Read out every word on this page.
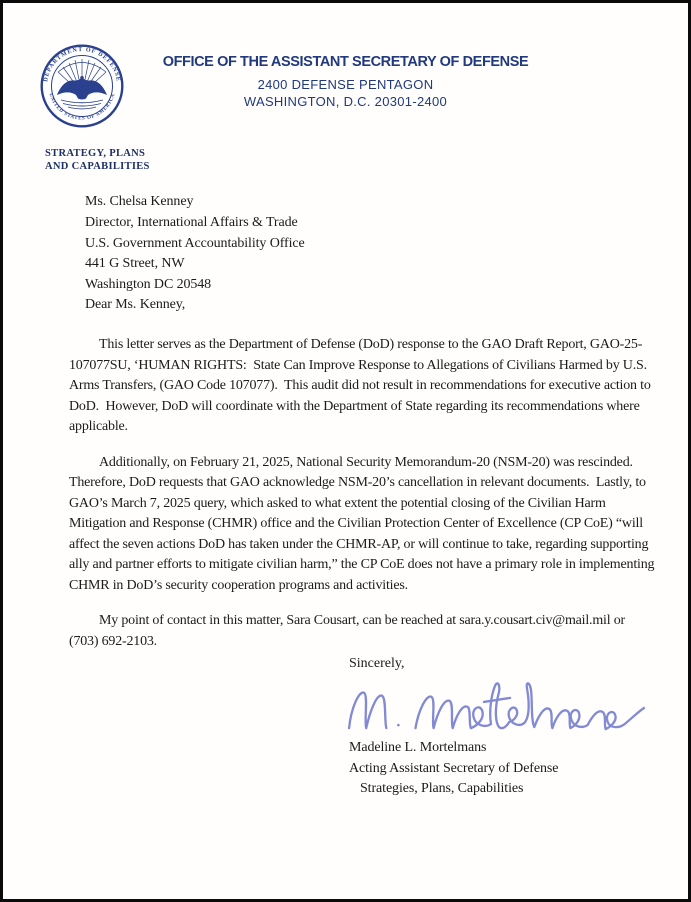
DEPARTMENT OF DEFENSE
UNITED STATES OF AMERICA
OFFICE OF THE ASSISTANT SECRETARY OF DEFENSE
2400 DEFENSE PENTAGON
WASHINGTON, D.C. 20301-2400
STRATEGY, PLANS
AND CAPABILITIES
Ms. Chelsa Kenney
Director, International Affairs & Trade
U.S. Government Accountability Office
441 G Street, NW
Washington DC 20548
Dear Ms. Kenney,

This letter serves as the Department of Defense (DoD) response to the GAO Draft Report, GAO-25-107077SU, ‘HUMAN RIGHTS:  State Can Improve Response to Allegations of Civilians Harmed by U.S. Arms Transfers, (GAO Code 107077).  This audit did not result in recommendations for executive action to DoD.  However, DoD will coordinate with the Department of State regarding its recommendations where applicable.

Additionally, on February 21, 2025, National Security Memorandum-20 (NSM-20) was rescinded.  Therefore, DoD requests that GAO acknowledge NSM-20’s cancellation in relevant documents.  Lastly, to GAO’s March 7, 2025 query, which asked to what extent the potential closing of the Civilian Harm Mitigation and Response (CHMR) office and the Civilian Protection Center of Excellence (CP CoE) “will affect the seven actions DoD has taken under the CHMR-AP, or will continue to take, regarding supporting ally and partner efforts to mitigate civilian harm,” the CP CoE does not have a primary role in implementing CHMR in DoD’s security cooperation programs and activities.

My point of contact in this matter, Sara Cousart, can be reached at sara.y.cousart.civ@mail.mil or (703) 692-2103.

Sincerely,
Madeline L. Mortelmans
Acting Assistant Secretary of Defense
Strategies, Plans, Capabilities
